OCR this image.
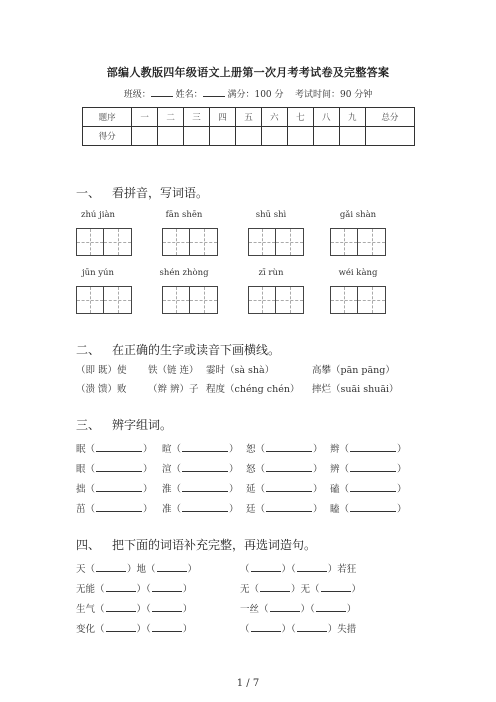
部编人教版四年级语文上册第一次月考考试卷及完整答案
班级：	姓名：	满分：100 分 考试时间：90 分钟
题序	一	二	三	四	五	六	七	八	九	总分
得分										
一、 看拼音，写词语。
zhú jiàn	fān shēn	shū shì	gǎi shàn
jūn yún	shén zhòng	zī rùn	wéi kàng
二、 在正确的生字或读音下画横线。
（即 既）使 铁（链 连） 霎时（sà shà）	高攀（pān pāng）
（溃 馈）败 （辫 辨）子 程度（chéng chén） 摔烂（suāi shuāi）
三、 辨字组词。
眠（	） 暄（	） 恕（	） 辫（	）
眼（	） 渲（	） 怒（	） 辨（	）
拙（	） 淮（	） 延（	） 磕（	）
茁（	） 准（	） 廷（	） 瞌（	）
四、 把下面的词语补充完整，再选词造句。
天（	）地（	）	（	）（	）若狂
无能（	）（	）	无（	）无（	）
生气（	）（	）	一丝（	）（	）
变化（	）（	）	（	）（	）失措
1 / 7
